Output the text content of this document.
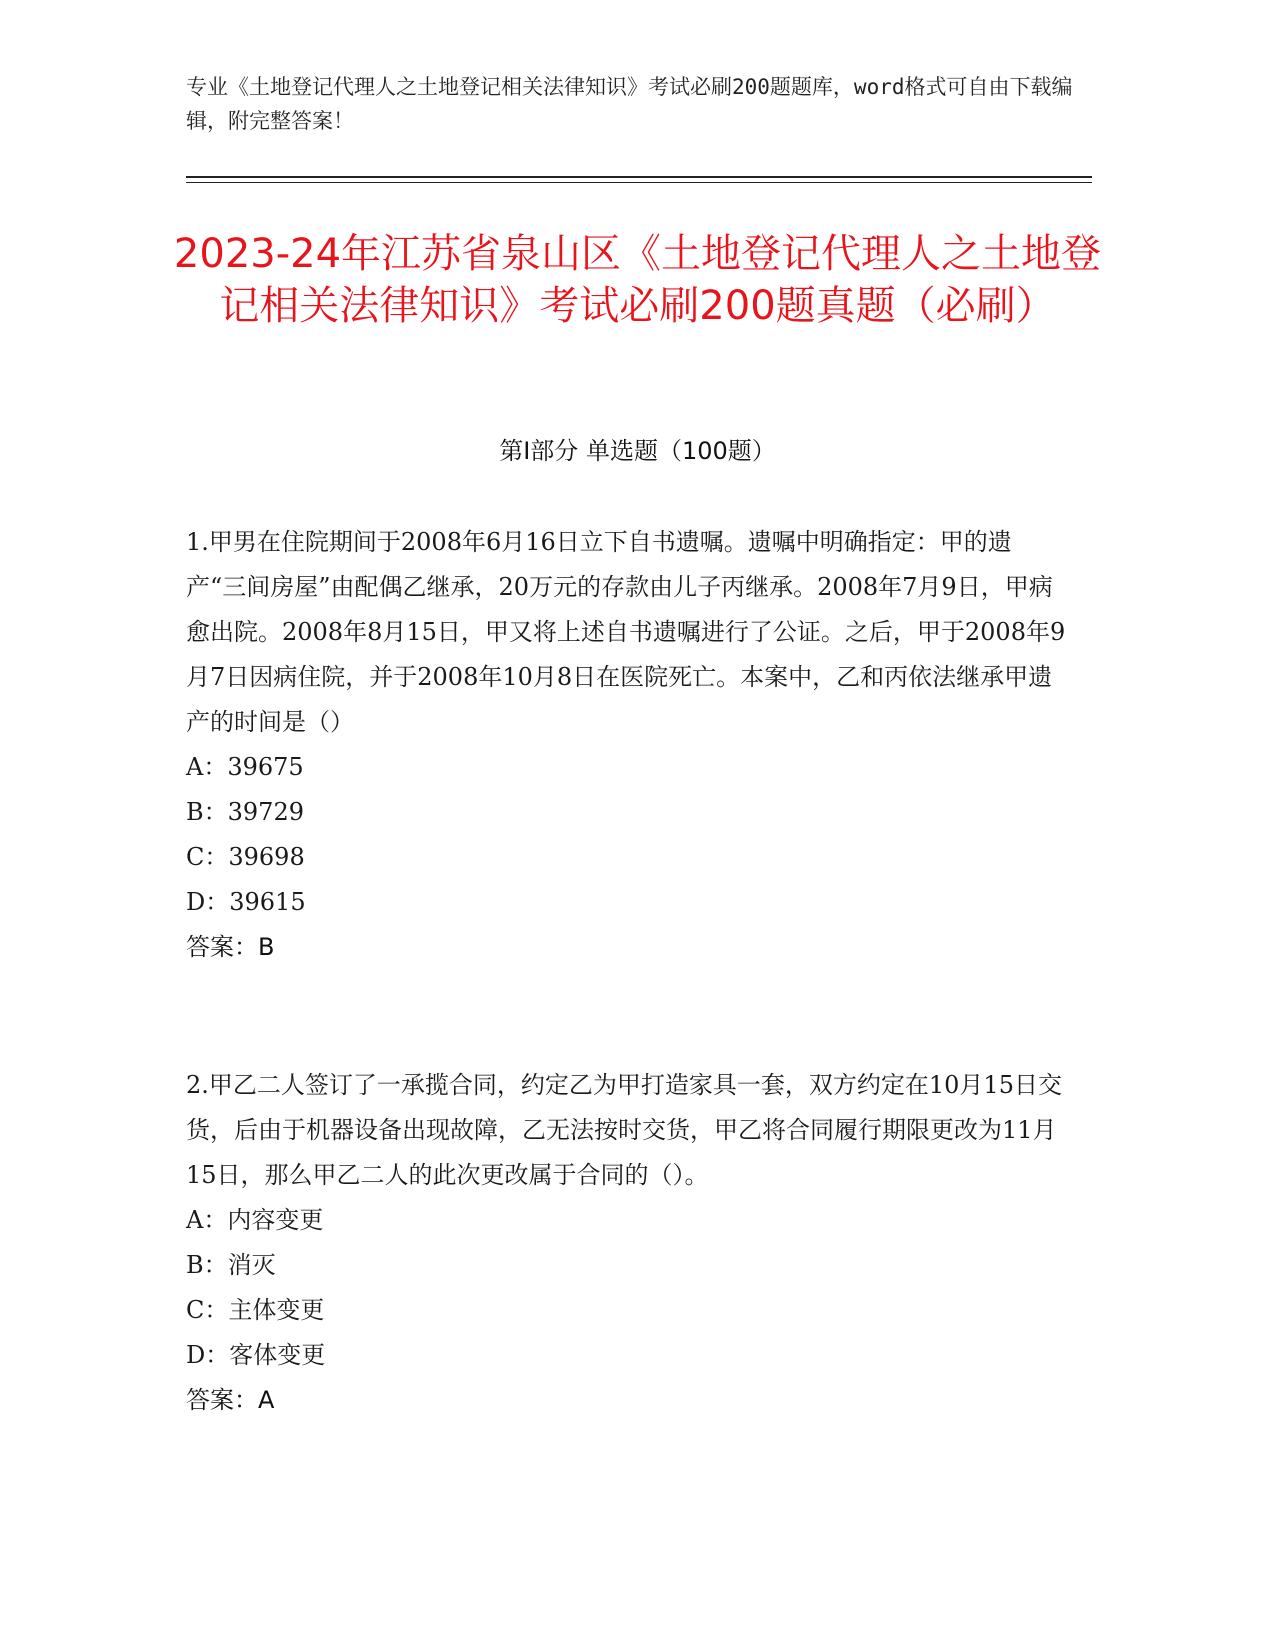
专业《土地登记代理人之土地登记相关法律知识》考试必刷200题题库，word格式可自由下载编辑，附完整答案！
2023-24年江苏省泉山区《土地登记代理人之土地登记相关法律知识》考试必刷200题真题（必刷）
第I部分 单选题（100题）

1.甲男在住院期间于2008年6月16日立下自书遗嘱。遗嘱中明确指定：甲的遗产“三间房屋”由配偶乙继承，20万元的存款由儿子丙继承。2008年7月9日，甲病愈出院。2008年8月15日，甲又将上述自书遗嘱进行了公证。之后，甲于2008年9月7日因病住院，并于2008年10月8日在医院死亡。本案中，乙和丙依法继承甲遗产的时间是（）

A：39675
B：39729
C：39698
D：39615
答案：B

2.甲乙二人签订了一承揽合同，约定乙为甲打造家具一套，双方约定在10月15日交货，后由于机器设备出现故障，乙无法按时交货，甲乙将合同履行期限更改为11月15日，那么甲乙二人的此次更改属于合同的（）。

A：内容变更
B：消灭
C：主体变更
D：客体变更
答案：A
